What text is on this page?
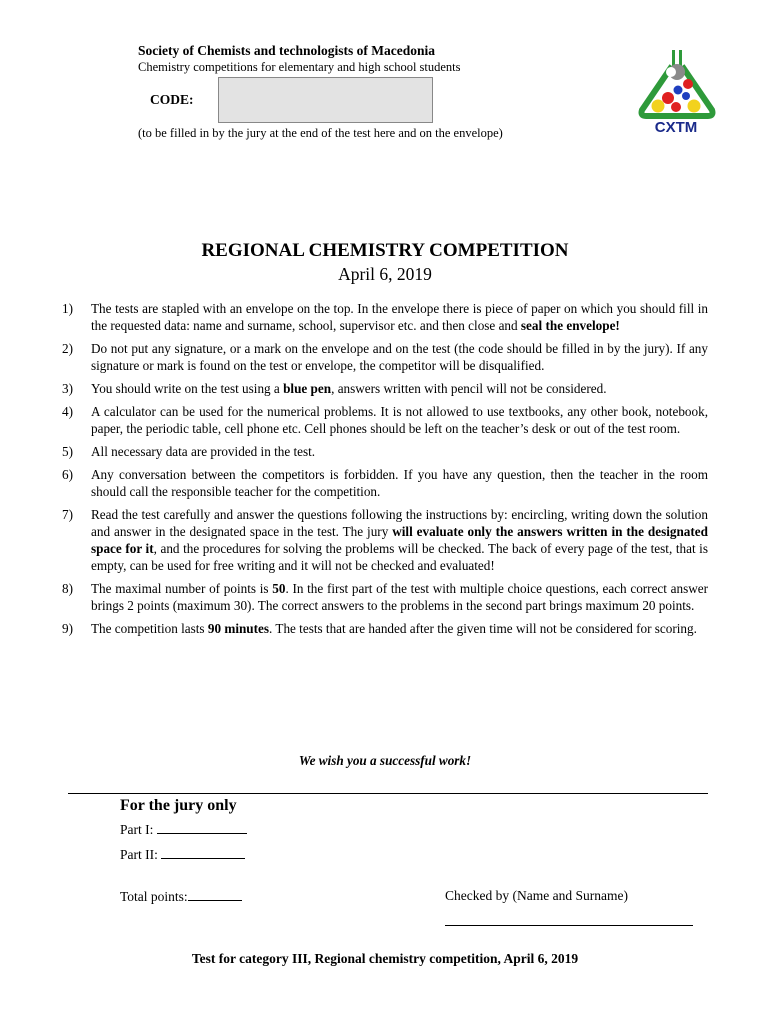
Society of Chemists and technologists of Macedonia
Chemistry competitions for elementary and high school students
CODE:
(to be filled in by the jury at the end of the test here and on the envelope)	CXTM
REGIONAL CHEMISTRY COMPETITION
April 6, 2019
1)	The tests are stapled with an envelope on the top. In the envelope there is piece of paper on which you should fill in the requested data: name and surname, school, supervisor etc. and then close and seal the envelope!
2)	Do not put any signature, or a mark on the envelope and on the test (the code should be filled in by the jury). If any signature or mark is found on the test or envelope, the competitor will be disqualified.
3)	You should write on the test using a blue pen, answers written with pencil will not be considered.
4)	A calculator can be used for the numerical problems. It is not allowed to use textbooks, any other book, notebook, paper, the periodic table, cell phone etc. Cell phones should be left on the teacher’s desk or out of the test room.
5)	All necessary data are provided in the test.
6)	Any conversation between the competitors is forbidden. If you have any question, then the teacher in the room should call the responsible teacher for the competition.
7)	Read the test carefully and answer the questions following the instructions by: encircling, writing down the solution and answer in the designated space in the test. The jury will evaluate only the answers written in the designated space for it, and the procedures for solving the problems will be checked. The back of every page of the test, that is empty, can be used for free writing and it will not be checked and evaluated!
8)	The maximal number of points is 50. In the first part of the test with multiple choice questions, each correct answer brings 2 points (maximum 30). The correct answers to the problems in the second part brings maximum 20 points.
9)	The competition lasts 90 minutes. The tests that are handed after the given time will not be considered for scoring.
We wish you a successful work!
For the jury only
Part I:
Part II:
Total points:	Checked by (Name and Surname)
Test for category III, Regional chemistry competition, April 6, 2019
